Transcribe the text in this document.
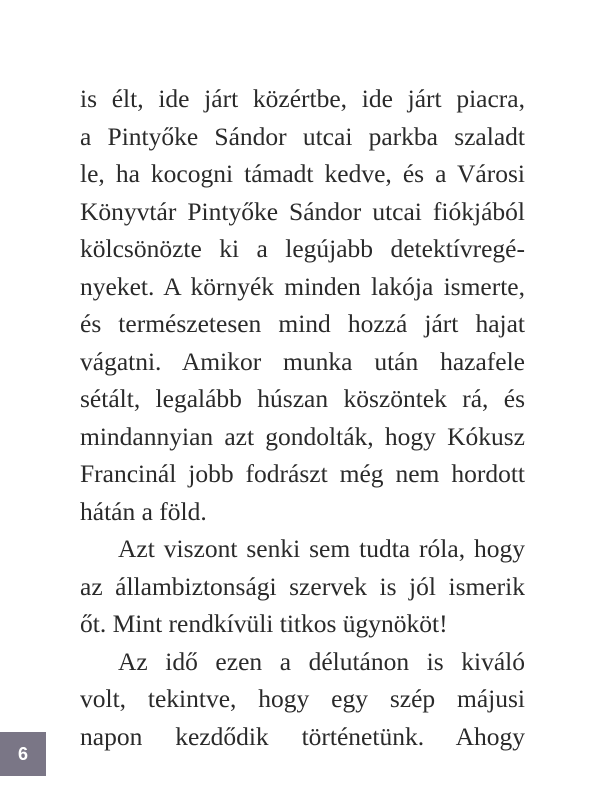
is élt, ide járt közértbe, ide járt piacra,
a Pintyőke Sándor utcai parkba szaladt
le, ha kocogni támadt kedve, és a Városi
Könyvtár Pintyőke Sándor utcai fiókjából
kölcsönözte ki a legújabb detektívregé-
nyeket. A környék minden lakója ismerte,
és természetesen mind hozzá járt hajat
vágatni. Amikor munka után hazafele
sétált, legalább húszan köszöntek rá, és
mindannyian azt gondolták, hogy Kókusz
Francinál jobb fodrászt még nem hordott
hátán a föld.
Azt viszont senki sem tudta róla, hogy
az állambiztonsági szervek is jól ismerik
őt. Mint rendkívüli titkos ügynököt!
Az idő ezen a délutánon is kiváló
volt, tekintve, hogy egy szép májusi
napon kezdődik történetünk. Ahogy
6
